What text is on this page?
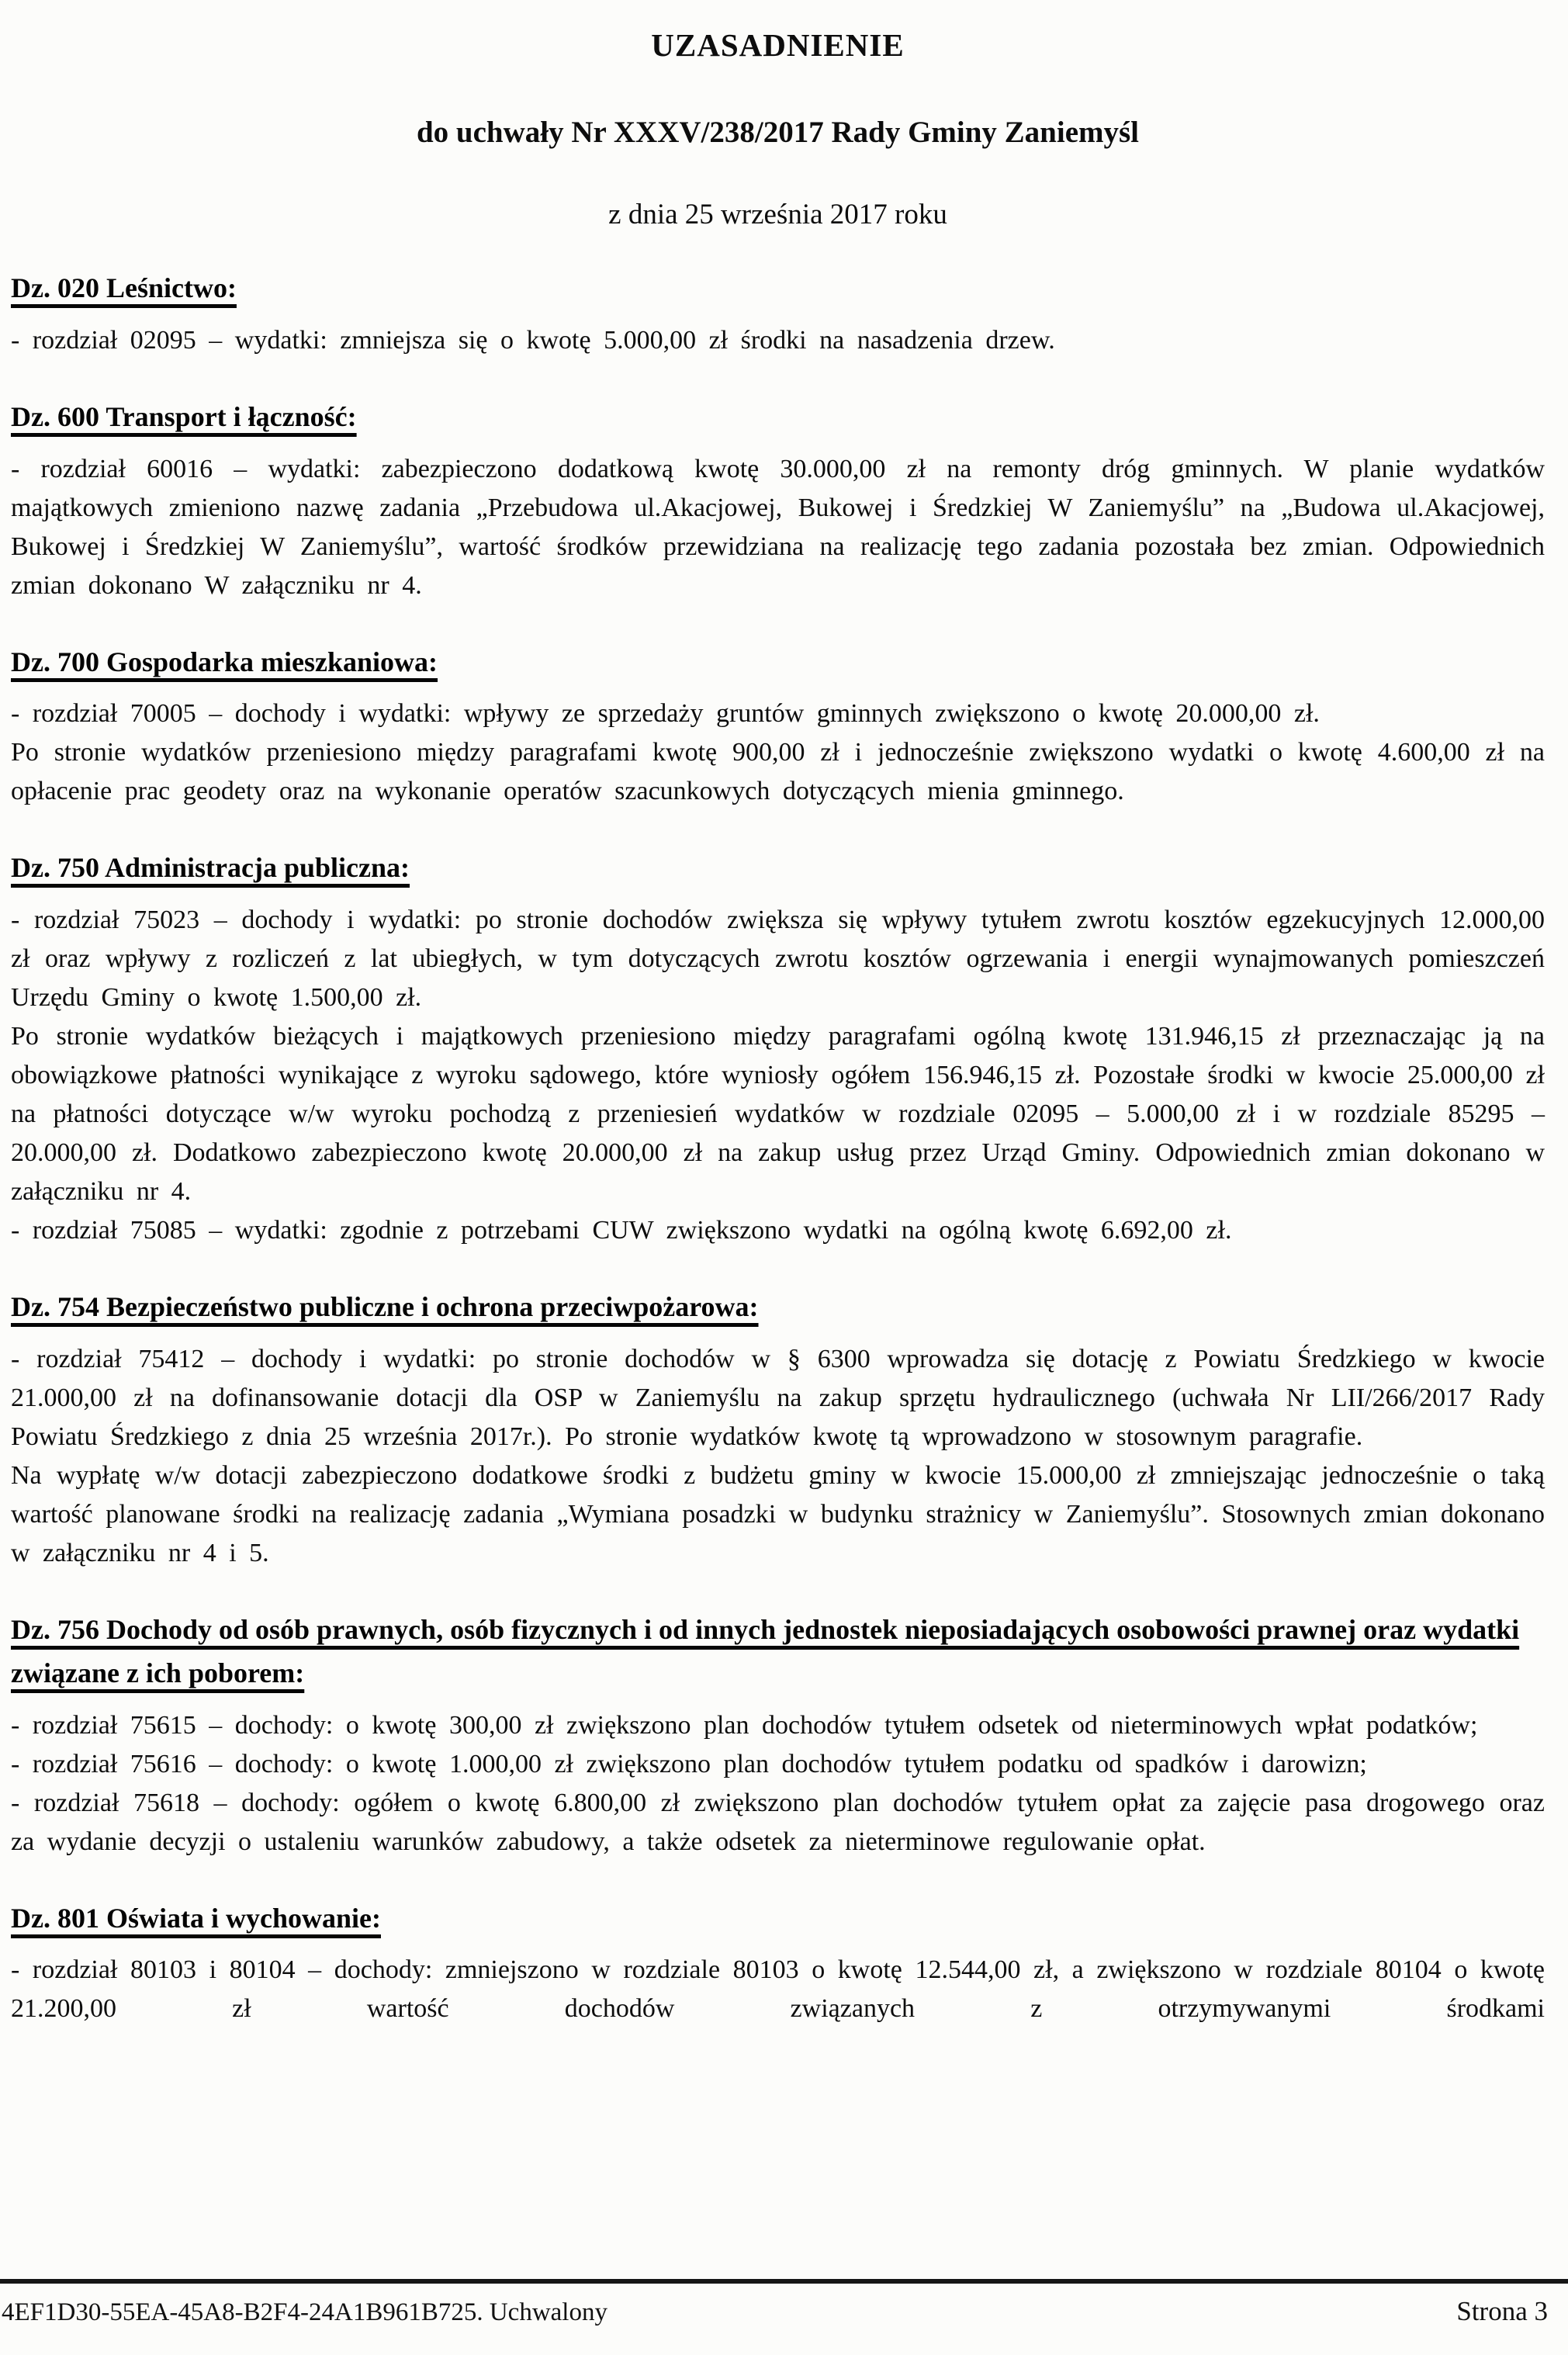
UZASADNIENIE
do uchwały Nr XXXV/238/2017 Rady Gminy Zaniemyśl
z dnia 25 września 2017 roku
Dz. 020 Leśnictwo:

- rozdział 02095 – wydatki: zmniejsza się o kwotę 5.000,00 zł środki na nasadzenia drzew.

Dz. 600 Transport i łączność:

- rozdział 60016 – wydatki: zabezpieczono dodatkową kwotę 30.000,00 zł na remonty dróg gminnych. W planie wydatków majątkowych zmieniono nazwę zadania „Przebudowa ul.Akacjowej, Bukowej i Średzkiej W Zaniemyślu” na „Budowa ul.Akacjowej, Bukowej i Średzkiej W Zaniemyślu”, wartość środków przewidziana na realizację tego zadania pozostała bez zmian. Odpowiednich zmian dokonano W załączniku nr 4.

Dz. 700 Gospodarka mieszkaniowa:

- rozdział 70005 – dochody i wydatki: wpływy ze sprzedaży gruntów gminnych zwiększono o kwotę 20.000,00 zł.

Po stronie wydatków przeniesiono między paragrafami kwotę 900,00 zł i jednocześnie zwiększono wydatki o kwotę 4.600,00 zł na opłacenie prac geodety oraz na wykonanie operatów szacunkowych dotyczących mienia gminnego.

Dz. 750 Administracja publiczna:

- rozdział 75023 – dochody i wydatki: po stronie dochodów zwiększa się wpływy tytułem zwrotu kosztów egzekucyjnych 12.000,00 zł oraz wpływy z rozliczeń z lat ubiegłych, w tym dotyczących zwrotu kosztów ogrzewania i energii wynajmowanych pomieszczeń Urzędu Gminy o kwotę 1.500,00 zł.

Po stronie wydatków bieżących i majątkowych przeniesiono między paragrafami ogólną kwotę 131.946,15 zł przeznaczając ją na obowiązkowe płatności wynikające z wyroku sądowego, które wyniosły ogółem 156.946,15 zł. Pozostałe środki w kwocie 25.000,00 zł na płatności dotyczące w/w wyroku pochodzą z przeniesień wydatków w rozdziale 02095 – 5.000,00 zł i w rozdziale 85295 – 20.000,00 zł. Dodatkowo zabezpieczono kwotę 20.000,00 zł na zakup usług przez Urząd Gminy. Odpowiednich zmian dokonano w załączniku nr 4.

- rozdział 75085 – wydatki: zgodnie z potrzebami CUW zwiększono wydatki na ogólną kwotę 6.692,00 zł.

Dz. 754 Bezpieczeństwo publiczne i ochrona przeciwpożarowa:

- rozdział 75412 – dochody i wydatki: po stronie dochodów w § 6300 wprowadza się dotację z Powiatu Średzkiego w kwocie 21.000,00 zł na dofinansowanie dotacji dla OSP w Zaniemyślu na zakup sprzętu hydraulicznego (uchwała Nr LII/266/2017 Rady Powiatu Średzkiego z dnia 25 września 2017r.). Po stronie wydatków kwotę tą wprowadzono w stosownym paragrafie.

Na wypłatę w/w dotacji zabezpieczono dodatkowe środki z budżetu gminy w kwocie 15.000,00 zł zmniejszając jednocześnie o taką wartość planowane środki na realizację zadania „Wymiana posadzki w budynku strażnicy w Zaniemyślu”. Stosownych zmian dokonano w załączniku nr 4 i 5.

Dz. 756 Dochody od osób prawnych, osób fizycznych i od innych jednostek nieposiadających osobowości prawnej oraz wydatki związane z ich poborem:

- rozdział 75615 – dochody: o kwotę 300,00 zł zwiększono plan dochodów tytułem odsetek od nieterminowych wpłat podatków;

- rozdział 75616 – dochody: o kwotę 1.000,00 zł zwiększono plan dochodów tytułem podatku od spadków i darowizn;

- rozdział 75618 – dochody: ogółem o kwotę 6.800,00 zł zwiększono plan dochodów tytułem opłat za zajęcie pasa drogowego oraz za wydanie decyzji o ustaleniu warunków zabudowy, a także odsetek za nieterminowe regulowanie opłat.

Dz. 801 Oświata i wychowanie:

- rozdział 80103 i 80104 – dochody: zmniejszono w rozdziale 80103 o kwotę 12.544,00 zł, a zwiększono w rozdziale 80104 o kwotę 21.200,00 zł wartość dochodów związanych z otrzymywanymi środkami

4EF1D30-55EA-45A8-B2F4-24A1B961B725. Uchwalony	Strona 3
